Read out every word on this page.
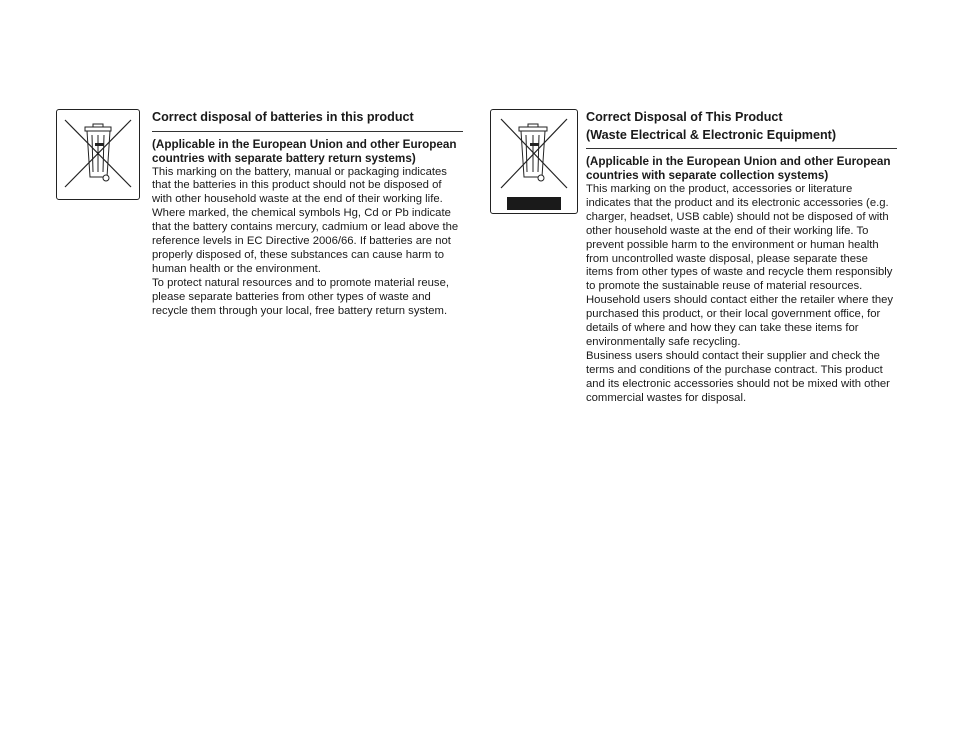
Correct disposal of batteries in this product

(Applicable in the European Union and other European countries with separate battery return systems)

This marking on the battery, manual or packaging indicates that the batteries in this product should not be disposed of with other household waste at the end of their working life. Where marked, the chemical symbols Hg, Cd or Pb indicate that the battery contains mercury, cadmium or lead above the reference levels in EC Directive 2006/66. If batteries are not properly disposed of, these substances can cause harm to human health or the environment.

To protect natural resources and to promote material reuse, please separate batteries from other types of waste and recycle them through your local, free battery return system.

Correct Disposal of This Product
(Waste Electrical & Electronic Equipment)

(Applicable in the European Union and other European countries with separate collection systems)

This marking on the product, accessories or literature indicates that the product and its electronic accessories (e.g. charger, headset, USB cable) should not be disposed of with other household waste at the end of their working life. To prevent possible harm to the environment or human health from uncontrolled waste disposal, please separate these items from other types of waste and recycle them responsibly to promote the sustainable reuse of material resources.

Household users should contact either the retailer where they purchased this product, or their local government office, for details of where and how they can take these items for environmentally safe recycling.

Business users should contact their supplier and check the terms and conditions of the purchase contract. This product and its electronic accessories should not be mixed with other commercial wastes for disposal.
